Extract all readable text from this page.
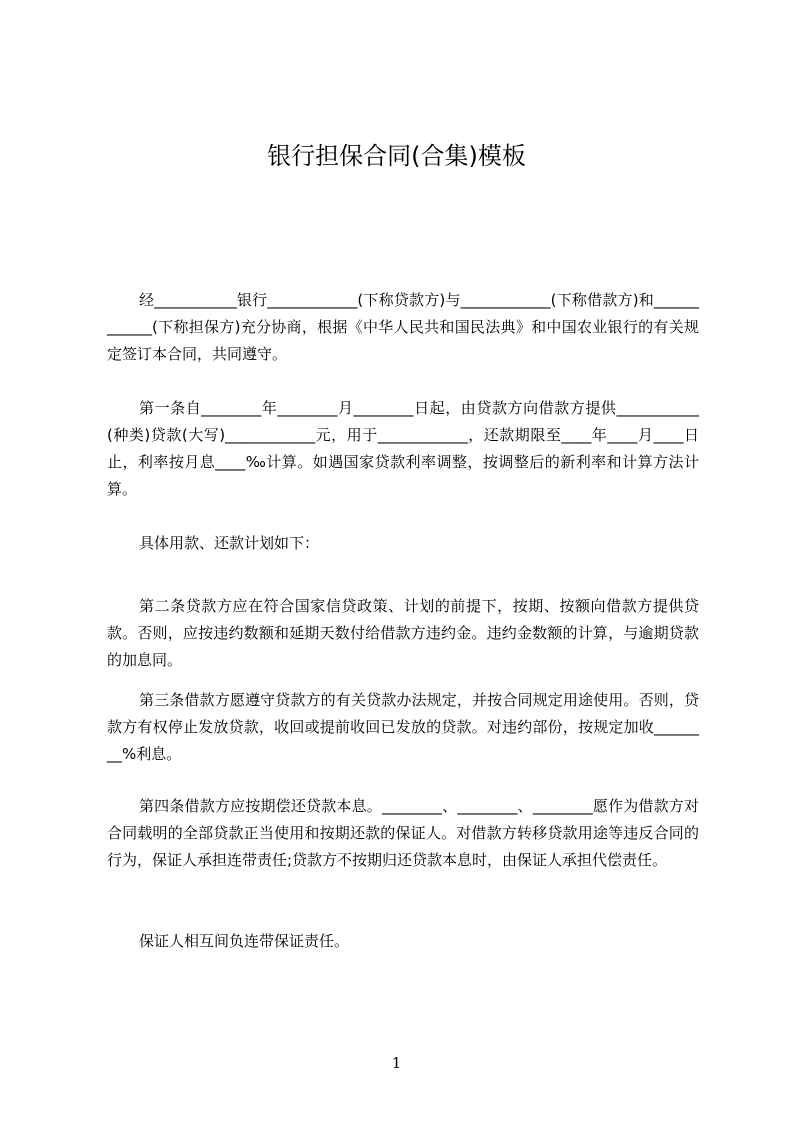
银行担保合同(合集)模板

经___________银行____________(下称贷款方)与____________(下称借款方)和____________(下称担保方)充分协商，根据《中华人民共和国民法典》和中国农业银行的有关规定签订本合同，共同遵守。

第一条自________年________月________日起，由贷款方向借款方提供___________(种类)贷款(大写)____________元，用于____________，还款期限至____年____月____日止，利率按月息____‰计算。如遇国家贷款利率调整，按调整后的新利率和计算方法计算。

具体用款、还款计划如下：

第二条贷款方应在符合国家信贷政策、计划的前提下，按期、按额向借款方提供贷款。否则，应按违约数额和延期天数付给借款方违约金。违约金数额的计算，与逾期贷款的加息同。

第三条借款方愿遵守贷款方的有关贷款办法规定，并按合同规定用途使用。否则，贷款方有权停止发放贷款，收回或提前收回已发放的贷款。对违约部份，按规定加收________%利息。

第四条借款方应按期偿还贷款本息。________、________、________愿作为借款方对合同载明的全部贷款正当使用和按期还款的保证人。对借款方转移贷款用途等违反合同的行为，保证人承担连带责任;贷款方不按期归还贷款本息时，由保证人承担代偿责任。

保证人相互间负连带保证责任。

1
